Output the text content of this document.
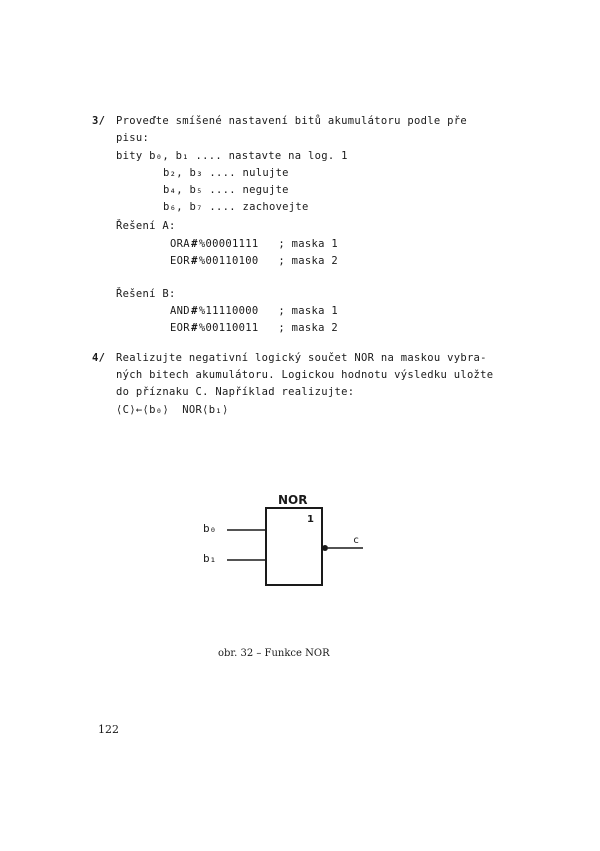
3/ Proveďte smíšené nastavení bitů akumulátoru podle pře
pisu:
bity b₀, b₁ .... nastavte na log. 1
b₂, b₃ .... nulujte
b₄, b₅ .... negujte
b₆, b₇ .... zachovejte
Řešení A:
ORA#%00001111 ; maska 1
EOR#%00110100 ; maska 2
Řešení B:
AND#%11110000 ; maska 1
EOR#%00110011 ; maska 2
4/ Realizujte negativní logický součet NOR na maskou vybra-
ných bitech akumulátoru. Logickou hodnotu výsledku uložte
do příznaku C. Například realizujte:
⟨C⟩←⟨b₀⟩  NOR⟨b₁⟩
NOR
1
b₀
b₁
c
obr. 32 – Funkce NOR
122
